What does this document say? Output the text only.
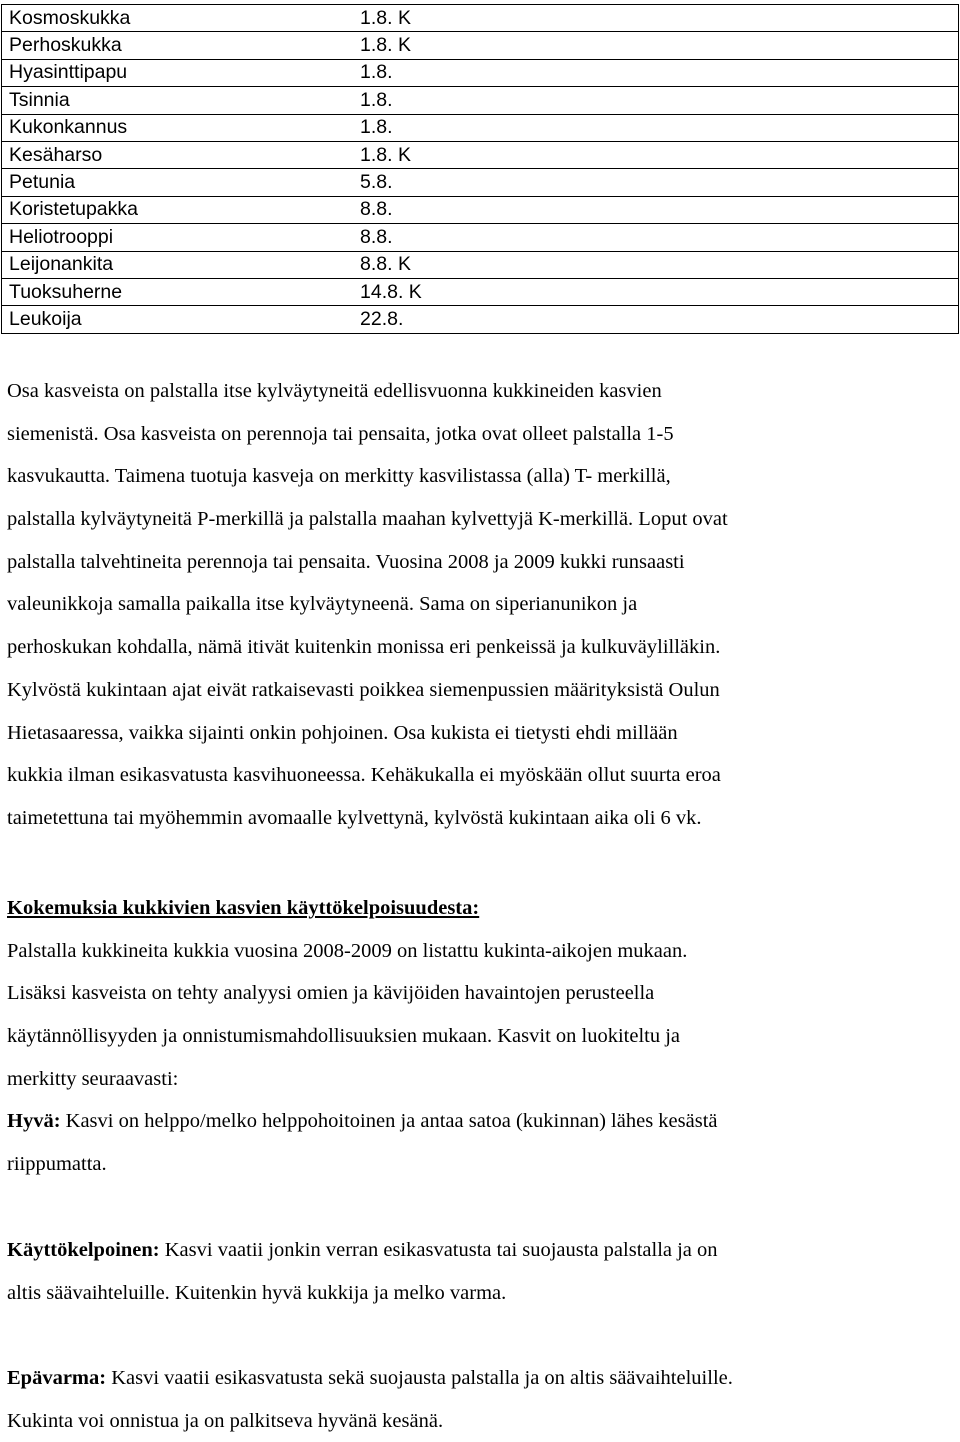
Kosmoskukka	1.8. K
Perhoskukka	1.8. K
Hyasinttipapu	1.8.
Tsinnia	1.8.
Kukonkannus	1.8.
Kesäharso	1.8. K
Petunia	5.8.
Koristetupakka	8.8.
Heliotrooppi	8.8.
Leijonankita	8.8. K
Tuoksuherne	14.8. K
Leukoija	22.8.
Osa kasveista on palstalla itse kylväytyneitä edellisvuonna kukkineiden kasvien
siemenistä. Osa kasveista on perennoja tai pensaita, jotka ovat olleet palstalla 1-5
kasvukautta. Taimena tuotuja kasveja on merkitty kasvilistassa (alla) T- merkillä,
palstalla kylväytyneitä P-merkillä ja palstalla maahan kylvettyjä K-merkillä. Loput ovat
palstalla talvehtineita perennoja tai pensaita. Vuosina 2008 ja 2009 kukki runsaasti
valeunikkoja samalla paikalla itse kylväytyneenä. Sama on siperianunikon ja
perhoskukan kohdalla, nämä itivät kuitenkin monissa eri penkeissä ja kulkuväylilläkin.
Kylvöstä kukintaan ajat eivät ratkaisevasti poikkea siemenpussien määrityksistä Oulun
Hietasaaressa, vaikka sijainti onkin pohjoinen. Osa kukista ei tietysti ehdi millään
kukkia ilman esikasvatusta kasvihuoneessa. Kehäkukalla ei myöskään ollut suurta eroa
taimetettuna tai myöhemmin avomaalle kylvettynä, kylvöstä kukintaan aika oli 6 vk.
Kokemuksia kukkivien kasvien käyttökelpoisuudesta:
Palstalla kukkineita kukkia vuosina 2008-2009 on listattu kukinta-aikojen mukaan.
Lisäksi kasveista on tehty analyysi omien ja kävijöiden havaintojen perusteella
käytännöllisyyden ja onnistumismahdollisuuksien mukaan. Kasvit on luokiteltu ja
merkitty seuraavasti:
Hyvä: Kasvi on helppo/melko helppohoitoinen ja antaa satoa (kukinnan) lähes kesästä
riippumatta.
Käyttökelpoinen: Kasvi vaatii jonkin verran esikasvatusta tai suojausta palstalla ja on
altis säävaihteluille. Kuitenkin hyvä kukkija ja melko varma.
Epävarma: Kasvi vaatii esikasvatusta sekä suojausta palstalla ja on altis säävaihteluille.
Kukinta voi onnistua ja on palkitseva hyvänä kesänä.
